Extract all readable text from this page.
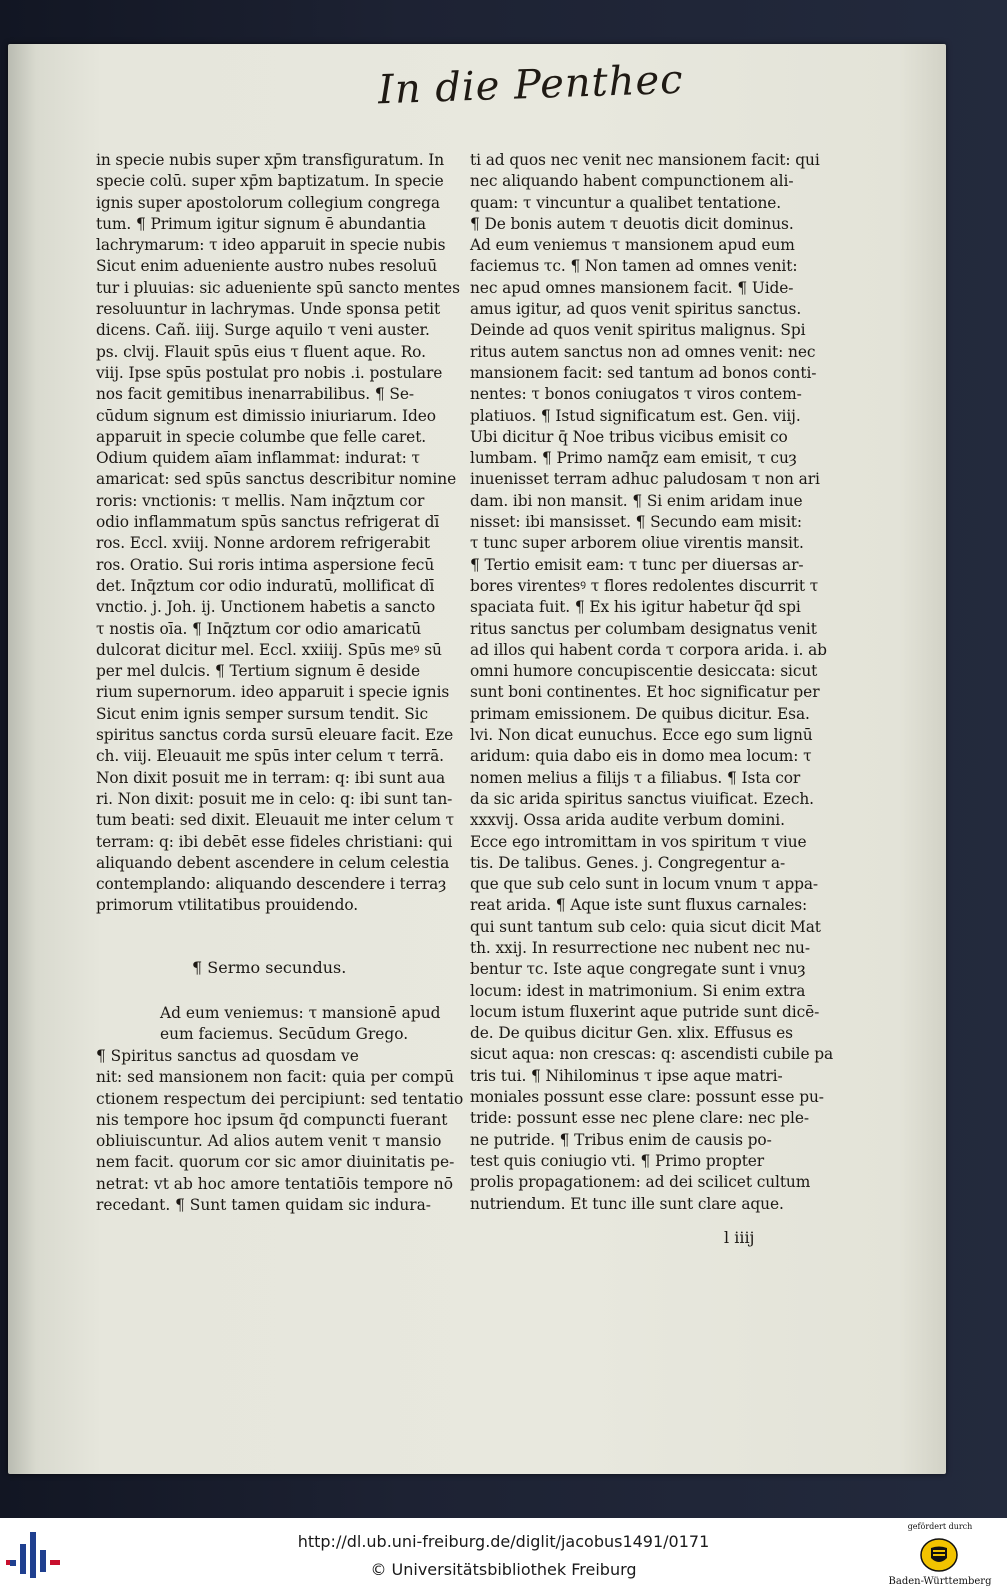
In die Penthec
in specie nubis super xp̄m transfiguratum. In
specie colū. super xp̄m baptizatum. In specie
ignis super apostolorum collegium congrega
tum. ¶ Primum igitur signum ē abundantia
lachrymarum: τ ideo apparuit in specie nubis
Sicut enim adueniente austro nubes resoluū
tur i pluuias: sic adueniente spū sancto mentes
resoluuntur in lachrymas. Unde sponsa petit
dicens. Cañ. iiij. Surge aquilo τ veni auster.
ps. clvij. Flauit spūs eius τ fluent aque. Ro.
viij. Ipse spūs postulat pro nobis .i. postulare
nos facit gemitibus inenarrabilibus. ¶ Se-
cūdum signum est dimissio iniuriarum. Ideo
apparuit in specie columbe que felle caret.
Odium quidem aīam inflammat: indurat: τ
amaricat: sed spūs sanctus describitur nomine
roris: vnctionis: τ mellis. Nam inq̄ztum cor
odio inflammatum spūs sanctus refrigerat dī
ros. Eccl. xviij. Nonne ardorem refrigerabit
ros. Oratio. Sui roris intima aspersione fecū
det. Inq̄ztum cor odio induratū, mollificat dī
vnctio. j. Joh. ij. Unctionem habetis a sancto
τ nostis oīa. ¶ Inq̄ztum cor odio amaricatū
dulcorat dicitur mel. Eccl. xxiiij. Spūs meꝰ sū
per mel dulcis. ¶ Tertium signum ē deside
rium supernorum. ideo apparuit i specie ignis
Sicut enim ignis semper sursum tendit. Sic
spiritus sanctus corda sursū eleuare facit. Eze
ch. viij. Eleuauit me spūs inter celum τ terrā.
Non dixit posuit me in terram: q: ibi sunt aua
ri. Non dixit: posuit me in celo: q: ibi sunt tan-
tum beati: sed dixit. Eleuauit me inter celum τ
terram: q: ibi debēt esse fideles christiani: qui
aliquando debent ascendere in celum celestia
contemplando: aliquando descendere i terraȝ
primorum vtilitatibus prouidendo.
¶ Sermo secundus.
Ad eum veniemus: τ mansionē apud
eum faciemus. Secūdum Grego.
¶ Spiritus sanctus ad quosdam ve
nit: sed mansionem non facit: quia per compū
ctionem respectum dei percipiunt: sed tentatio
nis tempore hoc ipsum q̄d compuncti fuerant
obliuiscuntur. Ad alios autem venit τ mansio
nem facit. quorum cor sic amor diuinitatis pe-
netrat: vt ab hoc amore tentatiōis tempore nō
recedant. ¶ Sunt tamen quidam sic indura-
ti ad quos nec venit nec mansionem facit: qui
nec aliquando habent compunctionem ali-
quam: τ vincuntur a qualibet tentatione.
¶ De bonis autem τ deuotis dicit dominus.
Ad eum veniemus τ mansionem apud eum
faciemus τc. ¶ Non tamen ad omnes venit:
nec apud omnes mansionem facit. ¶ Uide-
amus igitur, ad quos venit spiritus sanctus.
Deinde ad quos venit spiritus malignus. Spi
ritus autem sanctus non ad omnes venit: nec
mansionem facit: sed tantum ad bonos conti-
nentes: τ bonos coniugatos τ viros contem-
platiuos. ¶ Istud significatum est. Gen. viij.
Ubi dicitur q̄ Noe tribus vicibus emisit co
lumbam. ¶ Primo namq̄z eam emisit, τ cuȝ
inuenisset terram adhuc paludosam τ non ari
dam. ibi non mansit. ¶ Si enim aridam inue
nisset: ibi mansisset. ¶ Secundo eam misit:
τ tunc super arborem oliue virentis mansit.
¶ Tertio emisit eam: τ tunc per diuersas ar-
bores virentesꝰ τ flores redolentes discurrit τ
spaciata fuit. ¶ Ex his igitur habetur q̄d spi
ritus sanctus per columbam designatus venit
ad illos qui habent corda τ corpora arida. i. ab
omni humore concupiscentie desiccata: sicut
sunt boni continentes. Et hoc significatur per
primam emissionem. De quibus dicitur. Esa.
lvi. Non dicat eunuchus. Ecce ego sum lignū
aridum: quia dabo eis in domo mea locum: τ
nomen melius a filijs τ a filiabus. ¶ Ista cor
da sic arida spiritus sanctus viuificat. Ezech.
xxxvij. Ossa arida audite verbum domini.
Ecce ego intromittam in vos spiritum τ viue
tis. De talibus. Genes. j. Congregentur a-
que que sub celo sunt in locum vnum τ appa-
reat arida. ¶ Aque iste sunt fluxus carnales:
qui sunt tantum sub celo: quia sicut dicit Mat
th. xxij. In resurrectione nec nubent nec nu-
bentur τc. Iste aque congregate sunt i vnuȝ
locum: idest in matrimonium. Si enim extra
locum istum fluxerint aque putride sunt dicē-
de. De quibus dicitur Gen. xlix. Effusus es
sicut aqua: non crescas: q: ascendisti cubile pa
tris tui. ¶ Nihilominus τ ipse aque matri-
moniales possunt esse clare: possunt esse pu-
tride: possunt esse nec plene clare: nec ple-
ne putride. ¶ Tribus enim de causis po-
test quis coniugio vti. ¶ Primo propter
prolis propagationem: ad dei scilicet cultum
nutriendum. Et tunc ille sunt clare aque.
l iiij
http://dl.ub.uni-freiburg.de/diglit/jacobus1491/0171
© Universitätsbibliothek Freiburg
gefördert durch
Baden-Württemberg
